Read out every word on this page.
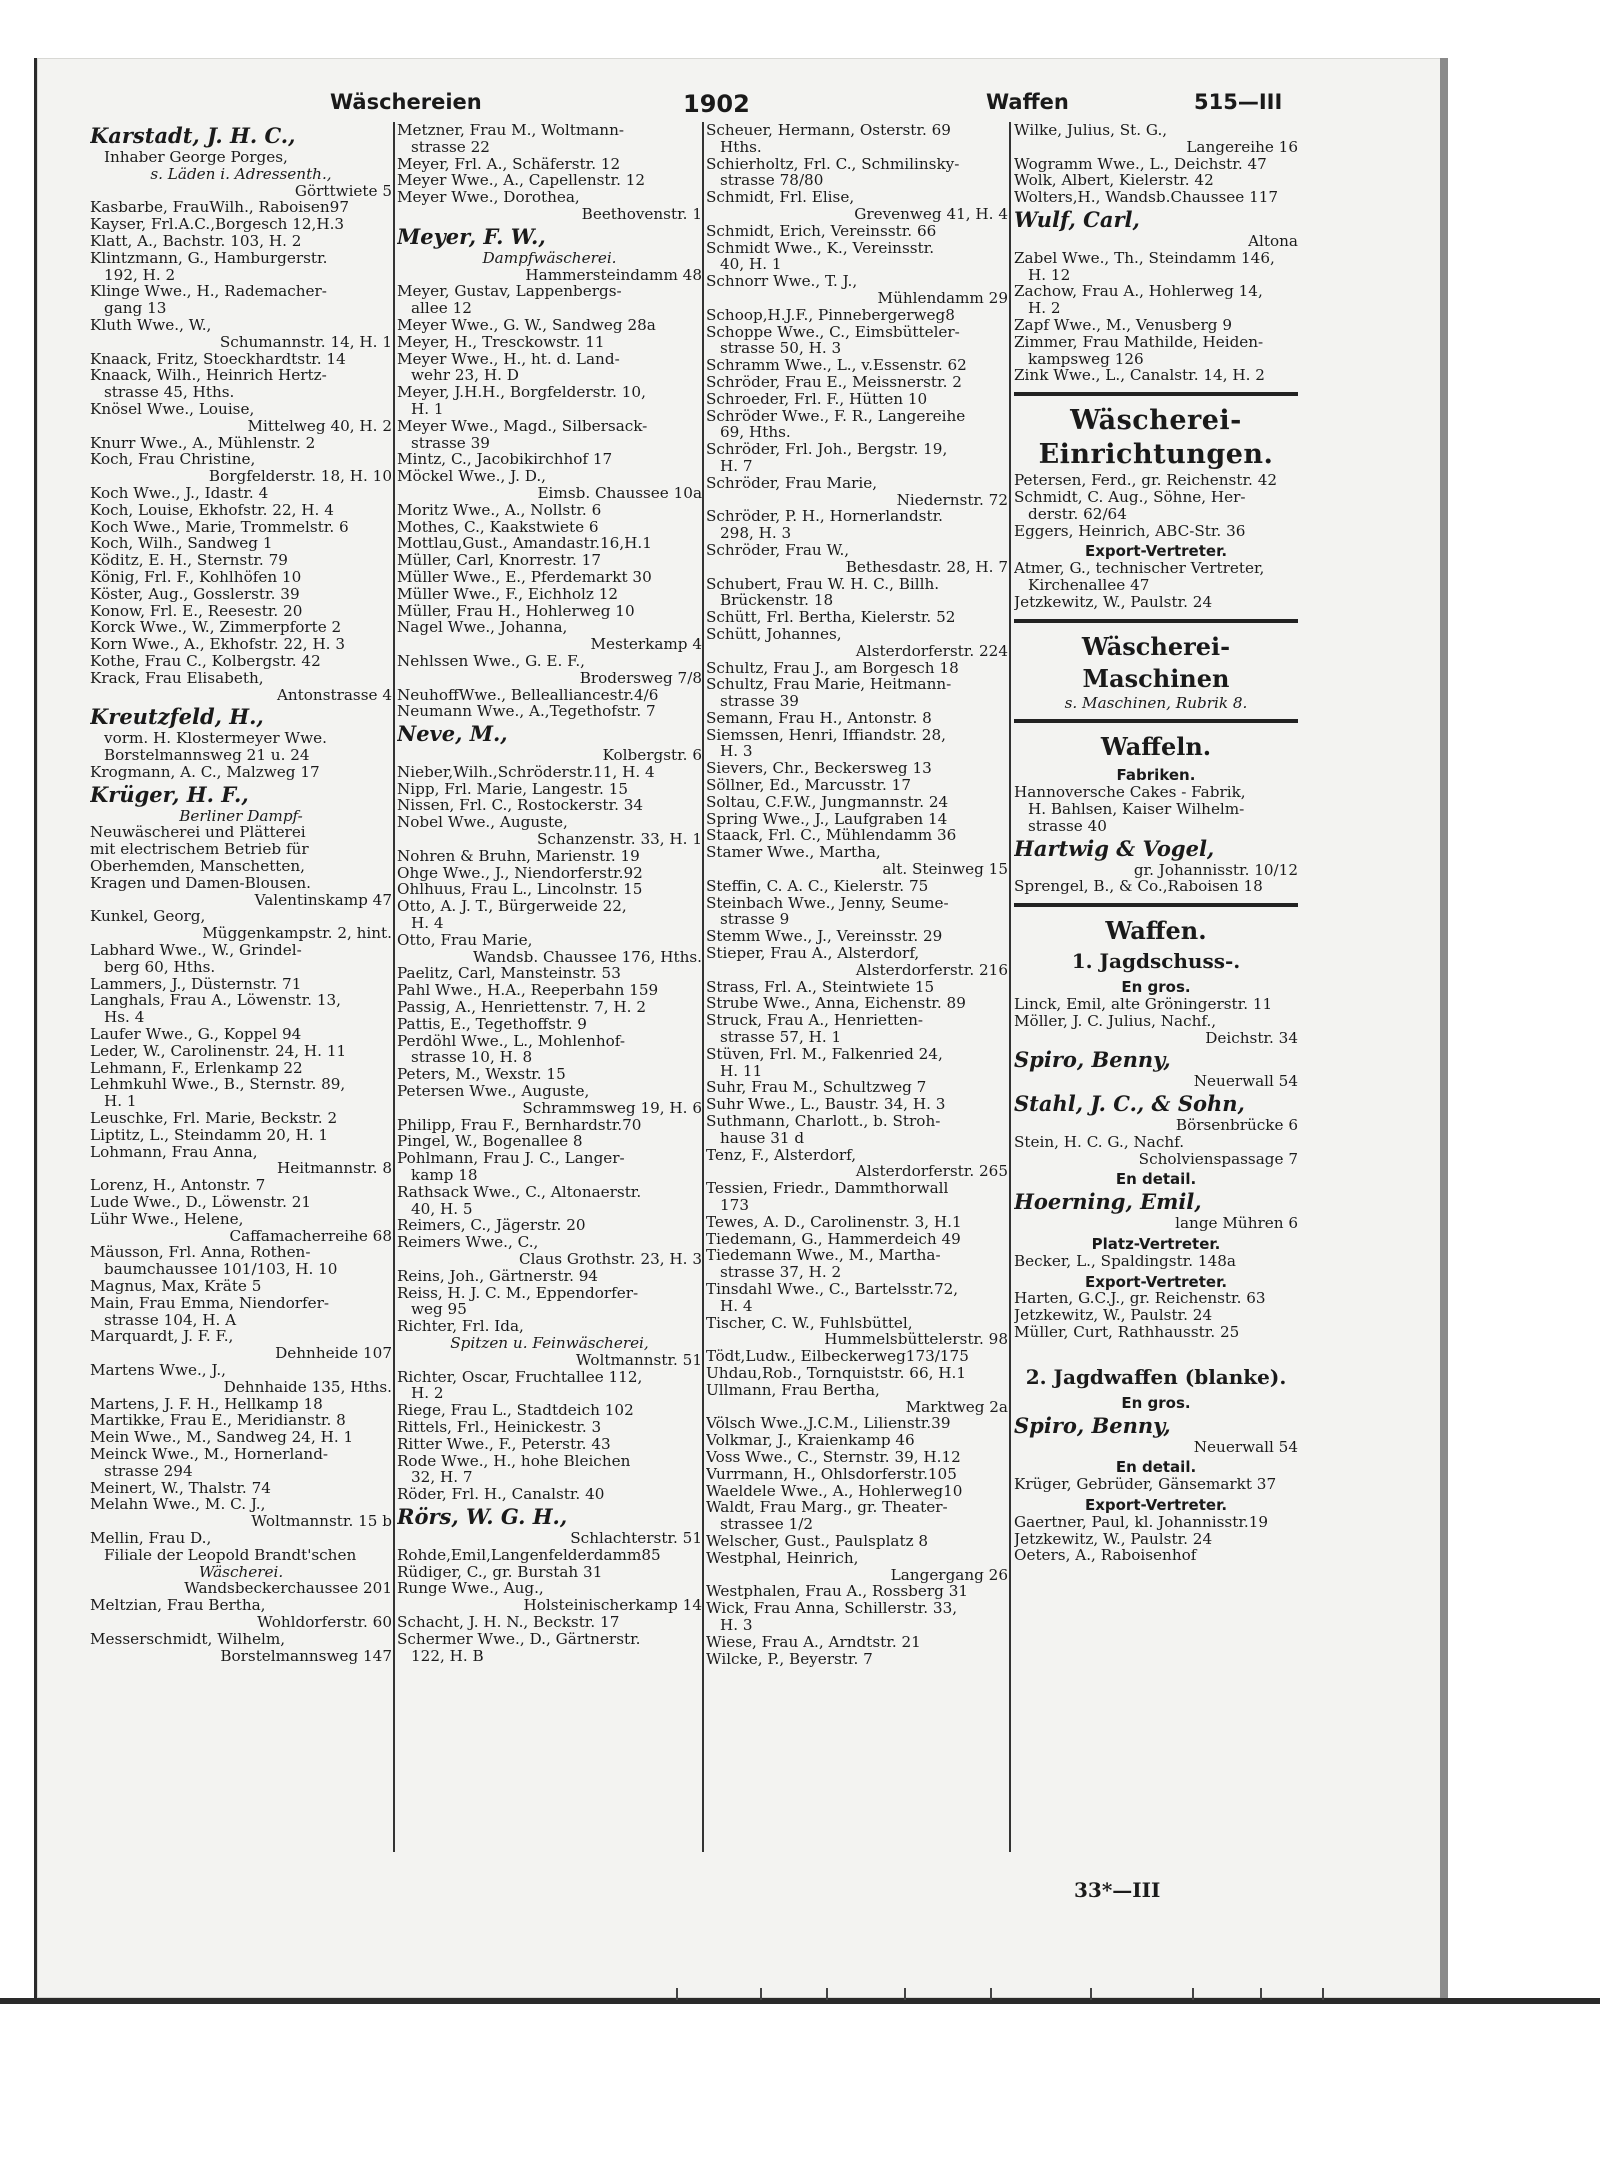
Wäschereien	1902	Waffen	515—III
Karstadt, J. H. C.,
Inhaber George Porges,
s. Läden i. Adressenth.,
Görttwiete 5
Kasbarbe, FrauWilh., Raboisen97
Kayser, Frl.A.C.,Borgesch 12,H.3
Klatt, A., Bachstr. 103, H. 2
Klintzmann, G., Hamburgerstr.
192, H. 2
Klinge Wwe., H., Rademacher-
gang 13
Kluth Wwe., W.,
Schumannstr. 14, H. 1
Knaack, Fritz, Stoeckhardtstr. 14
Knaack, Wilh., Heinrich Hertz-
strasse 45, Hths.
Knösel Wwe., Louise,
Mittelweg 40, H. 2
Knurr Wwe., A., Mühlenstr. 2
Koch, Frau Christine,
Borgfelderstr. 18, H. 10
Koch Wwe., J., Idastr. 4
Koch, Louise, Ekhofstr. 22, H. 4
Koch Wwe., Marie, Trommelstr. 6
Koch, Wilh., Sandweg 1
Köditz, E. H., Sternstr. 79
König, Frl. F., Kohlhöfen 10
Köster, Aug., Gosslerstr. 39
Konow, Frl. E., Reesestr. 20
Korck Wwe., W., Zimmerpforte 2
Korn Wwe., A., Ekhofstr. 22, H. 3
Kothe, Frau C., Kolbergstr. 42
Krack, Frau Elisabeth,
Antonstrasse 4
Kreutzfeld, H.,
vorm. H. Klostermeyer Wwe.
Borstelmannsweg 21 u. 24
Krogmann, A. C., Malzweg 17
Krüger, H. F.,
Berliner Dampf-
Neuwäscherei und Plätterei
mit electrischem Betrieb für
Oberhemden, Manschetten,
Kragen und Damen-Blousen.
Valentinskamp 47
Kunkel, Georg,
Müggenkampstr. 2, hint.
Labhard Wwe., W., Grindel-
berg 60, Hths.
Lammers, J., Düsternstr. 71
Langhals, Frau A., Löwenstr. 13,
Hs. 4
Laufer Wwe., G., Koppel 94
Leder, W., Carolinenstr. 24, H. 11
Lehmann, F., Erlenkamp 22
Lehmkuhl Wwe., B., Sternstr. 89,
H. 1
Leuschke, Frl. Marie, Beckstr. 2
Liptitz, L., Steindamm 20, H. 1
Lohmann, Frau Anna,
Heitmannstr. 8
Lorenz, H., Antonstr. 7
Lude Wwe., D., Löwenstr. 21
Lühr Wwe., Helene,
Caffamacherreihe 68
Mäusson, Frl. Anna, Rothen-
baumchaussee 101/103, H. 10
Magnus, Max, Kräte 5
Main, Frau Emma, Niendorfer-
strasse 104, H. A
Marquardt, J. F. F.,
Dehnheide 107
Martens Wwe., J.,
Dehnhaide 135, Hths.
Martens, J. F. H., Hellkamp 18
Martikke, Frau E., Meridianstr. 8
Mein Wwe., M., Sandweg 24, H. 1
Meinck Wwe., M., Hornerland-
strasse 294
Meinert, W., Thalstr. 74
Melahn Wwe., M. C. J.,
Woltmannstr. 15 b
Mellin, Frau D.,
Filiale der Leopold Brandt'schen
Wäscherei.
Wandsbeckerchaussee 201
Meltzian, Frau Bertha,
Wohldorferstr. 60
Messerschmidt, Wilhelm,
Borstelmannsweg 147
Metzner, Frau M., Woltmann-
strasse 22
Meyer, Frl. A., Schäferstr. 12
Meyer Wwe., A., Capellenstr. 12
Meyer Wwe., Dorothea,
Beethovenstr. 1
Meyer, F. W.,
Dampfwäscherei.
Hammersteindamm 48
Meyer, Gustav, Lappenbergs-
allee 12
Meyer Wwe., G. W., Sandweg 28a
Meyer, H., Tresckowstr. 11
Meyer Wwe., H., ht. d. Land-
wehr 23, H. D
Meyer, J.H.H., Borgfelderstr. 10,
H. 1
Meyer Wwe., Magd., Silbersack-
strasse 39
Mintz, C., Jacobikirchhof 17
Möckel Wwe., J. D.,
Eimsb. Chaussee 10a
Moritz Wwe., A., Nollstr. 6
Mothes, C., Kaakstwiete 6
Mottlau,Gust., Amandastr.16,H.1
Müller, Carl, Knorrestr. 17
Müller Wwe., E., Pferdemarkt 30
Müller Wwe., F., Eichholz 12
Müller, Frau H., Hohlerweg 10
Nagel Wwe., Johanna,
Mesterkamp 4
Nehlssen Wwe., G. E. F.,
Brodersweg 7/8
NeuhoffWwe., Bellealliancestr.4/6
Neumann Wwe., A.,Tegethofstr. 7
Neve, M.,
Kolbergstr. 6
Nieber,Wilh.,Schröderstr.11, H. 4
Nipp, Frl. Marie, Langestr. 15
Nissen, Frl. C., Rostockerstr. 34
Nobel Wwe., Auguste,
Schanzenstr. 33, H. 1
Nohren & Bruhn, Marienstr. 19
Ohge Wwe., J., Niendorferstr.92
Ohlhuus, Frau L., Lincolnstr. 15
Otto, A. J. T., Bürgerweide 22,
H. 4
Otto, Frau Marie,
Wandsb. Chaussee 176, Hths.
Paelitz, Carl, Mansteinstr. 53
Pahl Wwe., H.A., Reeperbahn 159
Passig, A., Henriettenstr. 7, H. 2
Pattis, E., Tegethoffstr. 9
Perdöhl Wwe., L., Mohlenhof-
strasse 10, H. 8
Peters, M., Wexstr. 15
Petersen Wwe., Auguste,
Schrammsweg 19, H. 6
Philipp, Frau F., Bernhardstr.70
Pingel, W., Bogenallee 8
Pohlmann, Frau J. C., Langer-
kamp 18
Rathsack Wwe., C., Altonaerstr.
40, H. 5
Reimers, C., Jägerstr. 20
Reimers Wwe., C.,
Claus Grothstr. 23, H. 3
Reins, Joh., Gärtnerstr. 94
Reiss, H. J. C. M., Eppendorfer-
weg 95
Richter, Frl. Ida,
Spitzen u. Feinwäscherei,
Woltmannstr. 51
Richter, Oscar, Fruchtallee 112,
H. 2
Riege, Frau L., Stadtdeich 102
Rittels, Frl., Heinickestr. 3
Ritter Wwe., F., Peterstr. 43
Rode Wwe., H., hohe Bleichen
32, H. 7
Röder, Frl. H., Canalstr. 40
Rörs, W. G. H.,
Schlachterstr. 51
Rohde,Emil,Langenfelderdamm85
Rüdiger, C., gr. Burstah 31
Runge Wwe., Aug.,
Holsteinischerkamp 14
Schacht, J. H. N., Beckstr. 17
Schermer Wwe., D., Gärtnerstr.
122, H. B
Scheuer, Hermann, Osterstr. 69
Hths.
Schierholtz, Frl. C., Schmilinsky-
strasse 78/80
Schmidt, Frl. Elise,
Grevenweg 41, H. 4
Schmidt, Erich, Vereinsstr. 66
Schmidt Wwe., K., Vereinsstr.
40, H. 1
Schnorr Wwe., T. J.,
Mühlendamm 29
Schoop,H.J.F., Pinnebergerweg8
Schoppe Wwe., C., Eimsbütteler-
strasse 50, H. 3
Schramm Wwe., L., v.Essenstr. 62
Schröder, Frau E., Meissnerstr. 2
Schroeder, Frl. F., Hütten 10
Schröder Wwe., F. R., Langereihe
69, Hths.
Schröder, Frl. Joh., Bergstr. 19,
H. 7
Schröder, Frau Marie,
Niedernstr. 72
Schröder, P. H., Hornerlandstr.
298, H. 3
Schröder, Frau W.,
Bethesdastr. 28, H. 7
Schubert, Frau W. H. C., Billh.
Brückenstr. 18
Schütt, Frl. Bertha, Kielerstr. 52
Schütt, Johannes,
Alsterdorferstr. 224
Schultz, Frau J., am Borgesch 18
Schultz, Frau Marie, Heitmann-
strasse 39
Semann, Frau H., Antonstr. 8
Siemssen, Henri, Iffiandstr. 28,
H. 3
Sievers, Chr., Beckersweg 13
Söllner, Ed., Marcusstr. 17
Soltau, C.F.W., Jungmannstr. 24
Spring Wwe., J., Laufgraben 14
Staack, Frl. C., Mühlendamm 36
Stamer Wwe., Martha,
alt. Steinweg 15
Steffin, C. A. C., Kielerstr. 75
Steinbach Wwe., Jenny, Seume-
strasse 9
Stemm Wwe., J., Vereinsstr. 29
Stieper, Frau A., Alsterdorf,
Alsterdorferstr. 216
Strass, Frl. A., Steintwiete 15
Strube Wwe., Anna, Eichenstr. 89
Struck, Frau A., Henrietten-
strasse 57, H. 1
Stüven, Frl. M., Falkenried 24,
H. 11
Suhr, Frau M., Schultzweg 7
Suhr Wwe., L., Baustr. 34, H. 3
Suthmann, Charlott., b. Stroh-
hause 31 d
Tenz, F., Alsterdorf,
Alsterdorferstr. 265
Tessien, Friedr., Dammthorwall
173
Tewes, A. D., Carolinenstr. 3, H.1
Tiedemann, G., Hammerdeich 49
Tiedemann Wwe., M., Martha-
strasse 37, H. 2
Tinsdahl Wwe., C., Bartelsstr.72,
H. 4
Tischer, C. W., Fuhlsbüttel,
Hummelsbüttelerstr. 98
Tödt,Ludw., Eilbeckerweg173/175
Uhdau,Rob., Tornquiststr. 66, H.1
Ullmann, Frau Bertha,
Marktweg 2a
Völsch Wwe.,J.C.M., Lilienstr.39
Volkmar, J., Kraienkamp 46
Voss Wwe., C., Sternstr. 39, H.12
Vurrmann, H., Ohlsdorferstr.105
Waeldele Wwe., A., Hohlerweg10
Waldt, Frau Marg., gr. Theater-
strassee 1/2
Welscher, Gust., Paulsplatz 8
Westphal, Heinrich,
Langergang 26
Westphalen, Frau A., Rossberg 31
Wick, Frau Anna, Schillerstr. 33,
H. 3
Wiese, Frau A., Arndtstr. 21
Wilcke, P., Beyerstr. 7
Wilke, Julius, St. G.,
Langereihe 16
Wogramm Wwe., L., Deichstr. 47
Wolk, Albert, Kielerstr. 42
Wolters,H., Wandsb.Chaussee 117
Wulf, Carl,
Altona
Zabel Wwe., Th., Steindamm 146,
H. 12
Zachow, Frau A., Hohlerweg 14,
H. 2
Zapf Wwe., M., Venusberg 9
Zimmer, Frau Mathilde, Heiden-
kampsweg 126
Zink Wwe., L., Canalstr. 14, H. 2
Wäscherei-
Einrichtungen.
Petersen, Ferd., gr. Reichenstr. 42
Schmidt, C. Aug., Söhne, Her-
derstr. 62/64
Eggers, Heinrich, ABC-Str. 36
Export-Vertreter.
Atmer, G., technischer Vertreter,
Kirchenallee 47
Jetzkewitz, W., Paulstr. 24
Wäscherei-Maschinen
s. Maschinen, Rubrik 8.
Waffeln.
Fabriken.
Hannoversche Cakes - Fabrik,
H. Bahlsen, Kaiser Wilhelm-
strasse 40
Hartwig & Vogel,
gr. Johannisstr. 10/12
Sprengel, B., & Co.,Raboisen 18
Waffen.
1. Jagdschuss-.
En gros.
Linck, Emil, alte Gröningerstr. 11
Möller, J. C. Julius, Nachf.,
Deichstr. 34
Spiro, Benny,
Neuerwall 54
Stahl, J. C., & Sohn,
Börsenbrücke 6
Stein, H. C. G., Nachf.
Scholvienspassage 7
En detail.
Hoerning, Emil,
lange Mühren 6
Platz-Vertreter.
Becker, L., Spaldingstr. 148a
Export-Vertreter.
Harten, G.C.J., gr. Reichenstr. 63
Jetzkewitz, W., Paulstr. 24
Müller, Curt, Rathhausstr. 25
2. Jagdwaffen (blanke).
En gros.
Spiro, Benny,
Neuerwall 54
En detail.
Krüger, Gebrüder, Gänsemarkt 37
Export-Vertreter.
Gaertner, Paul, kl. Johannisstr.19
Jetzkewitz, W., Paulstr. 24
Oeters, A., Raboisenhof
33*—III
